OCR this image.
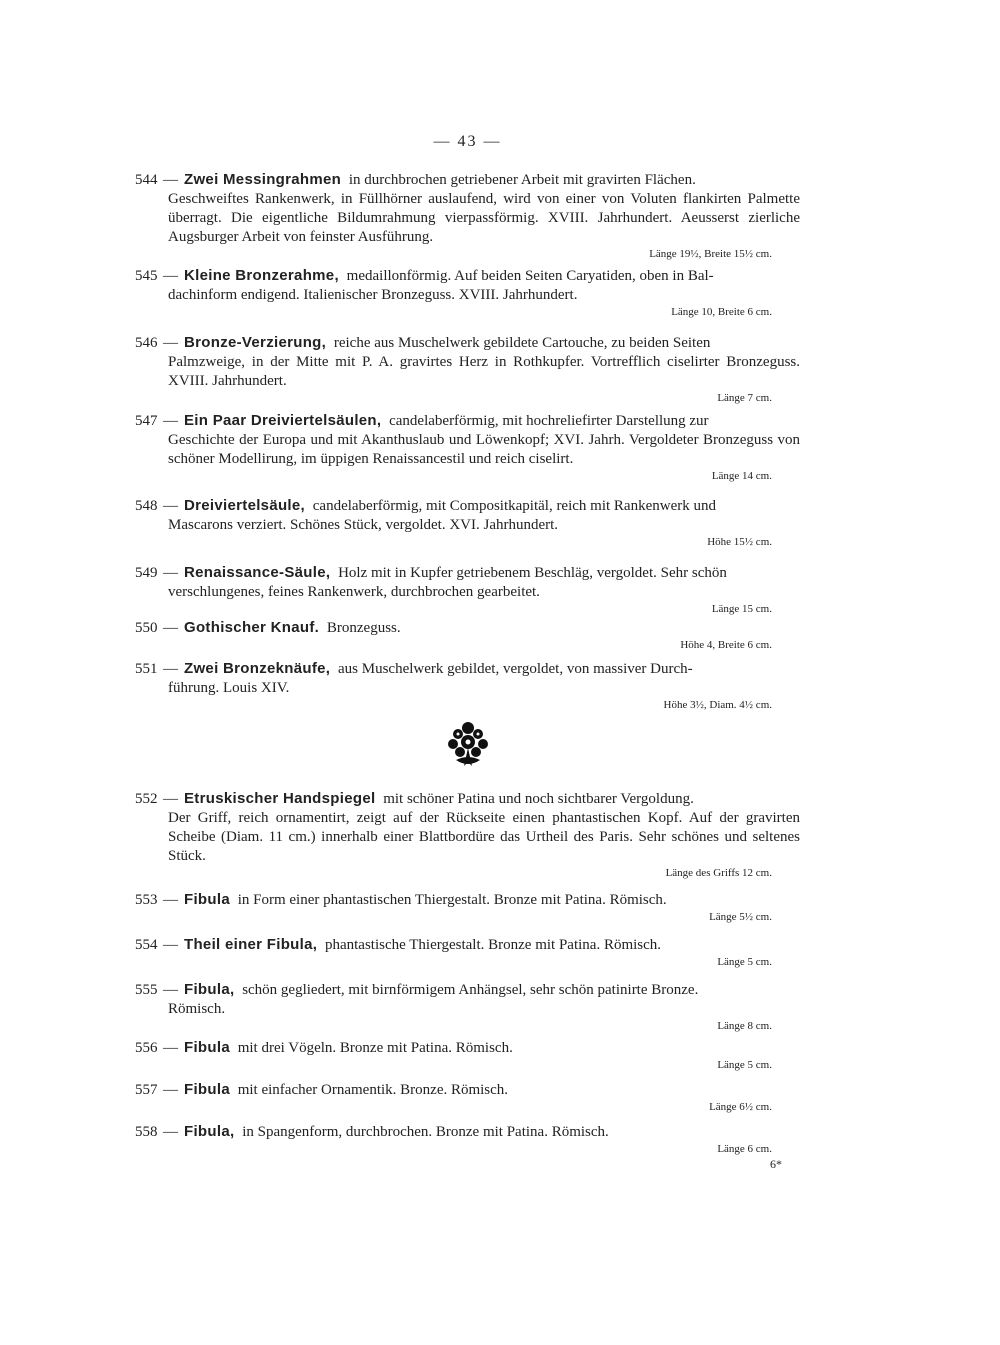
— 43 —
544 — Zwei Messingrahmen in durchbrochen getriebener Arbeit mit gravirten Flächen.
Geschweiftes Rankenwerk, in Füllhörner auslaufend, wird von einer von Voluten flankirten Palmette überragt. Die eigentliche Bildumrahmung vierpassförmig. XVIII. Jahrhundert. Aeusserst zierliche Augsburger Arbeit von feinster Ausführung.
Länge 19½, Breite 15½ cm.
545 — Kleine Bronzerahme, medaillonförmig. Auf beiden Seiten Caryatiden, oben in Bal-
dachinform endigend. Italienischer Bronzeguss. XVIII. Jahrhundert.
Länge 10, Breite 6 cm.
546 — Bronze-Verzierung, reiche aus Muschelwerk gebildete Cartouche, zu beiden Seiten
Palmzweige, in der Mitte mit P. A. gravirtes Herz in Rothkupfer. Vortrefflich ciselirter Bronzeguss. XVIII. Jahrhundert.
Länge 7 cm.
547 — Ein Paar Dreiviertelsäulen, candelaberförmig, mit hochreliefirter Darstellung zur
Geschichte der Europa und mit Akanthuslaub und Löwenkopf; XVI. Jahrh. Vergoldeter Bronzeguss von schöner Modellirung, im üppigen Renaissancestil und reich ciselirt.
Länge 14 cm.
548 — Dreiviertelsäule, candelaberförmig, mit Compositkapitäl, reich mit Rankenwerk und
Mascarons verziert. Schönes Stück, vergoldet. XVI. Jahrhundert.
Höhe 15½ cm.
549 — Renaissance-Säule, Holz mit in Kupfer getriebenem Beschläg, vergoldet. Sehr schön
verschlungenes, feines Rankenwerk, durchbrochen gearbeitet.
Länge 15 cm.
550 — Gothischer Knauf. Bronzeguss.
Höhe 4, Breite 6 cm.
551 — Zwei Bronzeknäufe, aus Muschelwerk gebildet, vergoldet, von massiver Durch-
führung. Louis XIV.
Höhe 3½, Diam. 4½ cm.
552 — Etruskischer Handspiegel mit schöner Patina und noch sichtbarer Vergoldung.
Der Griff, reich ornamentirt, zeigt auf der Rückseite einen phantastischen Kopf. Auf der gravirten Scheibe (Diam. 11 cm.) innerhalb einer Blattbordüre das Urtheil des Paris. Sehr schönes und seltenes Stück.
Länge des Griffs 12 cm.
553 — Fibula in Form einer phantastischen Thiergestalt. Bronze mit Patina. Römisch.
Länge 5½ cm.
554 — Theil einer Fibula, phantastische Thiergestalt. Bronze mit Patina. Römisch.
Länge 5 cm.
555 — Fibula, schön gegliedert, mit birnförmigem Anhängsel, sehr schön patinirte Bronze.
Römisch.
Länge 8 cm.
556 — Fibula mit drei Vögeln. Bronze mit Patina. Römisch.
Länge 5 cm.
557 — Fibula mit einfacher Ornamentik. Bronze. Römisch.
Länge 6½ cm.
558 — Fibula, in Spangenform, durchbrochen. Bronze mit Patina. Römisch.
Länge 6 cm.
6*
